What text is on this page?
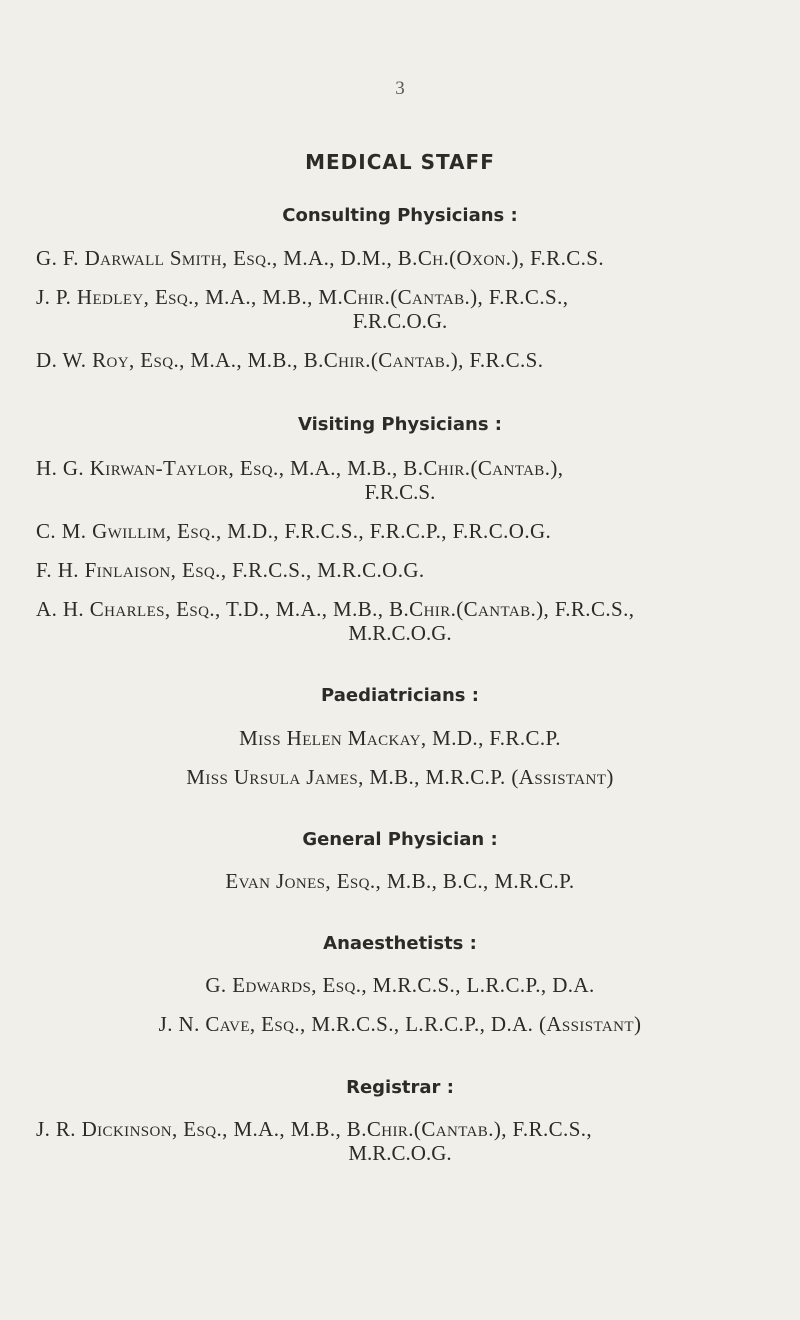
3
MEDICAL STAFF
Consulting Physicians :
G. F. Darwall Smith, Esq., M.A., D.M., B.Ch.(Oxon.), F.R.C.S.
J. P. Hedley, Esq., M.A., M.B., M.Chir.(Cantab.), F.R.C.S.,
F.R.C.O.G.
D. W. Roy, Esq., M.A., M.B., B.Chir.(Cantab.), F.R.C.S.
Visiting Physicians :
H. G. Kirwan-Taylor, Esq., M.A., M.B., B.Chir.(Cantab.),
F.R.C.S.
C. M. Gwillim, Esq., M.D., F.R.C.S., F.R.C.P., F.R.C.O.G.
F. H. Finlaison, Esq., F.R.C.S., M.R.C.O.G.
A. H. Charles, Esq., T.D., M.A., M.B., B.Chir.(Cantab.), F.R.C.S.,
M.R.C.O.G.
Paediatricians :
Miss Helen Mackay, M.D., F.R.C.P.
Miss Ursula James, M.B., M.R.C.P. (Assistant)
General Physician :
Evan Jones, Esq., M.B., B.C., M.R.C.P.
Anaesthetists :
G. Edwards, Esq., M.R.C.S., L.R.C.P., D.A.
J. N. Cave, Esq., M.R.C.S., L.R.C.P., D.A. (Assistant)
Registrar :
J. R. Dickinson, Esq., M.A., M.B., B.Chir.(Cantab.), F.R.C.S.,
M.R.C.O.G.
